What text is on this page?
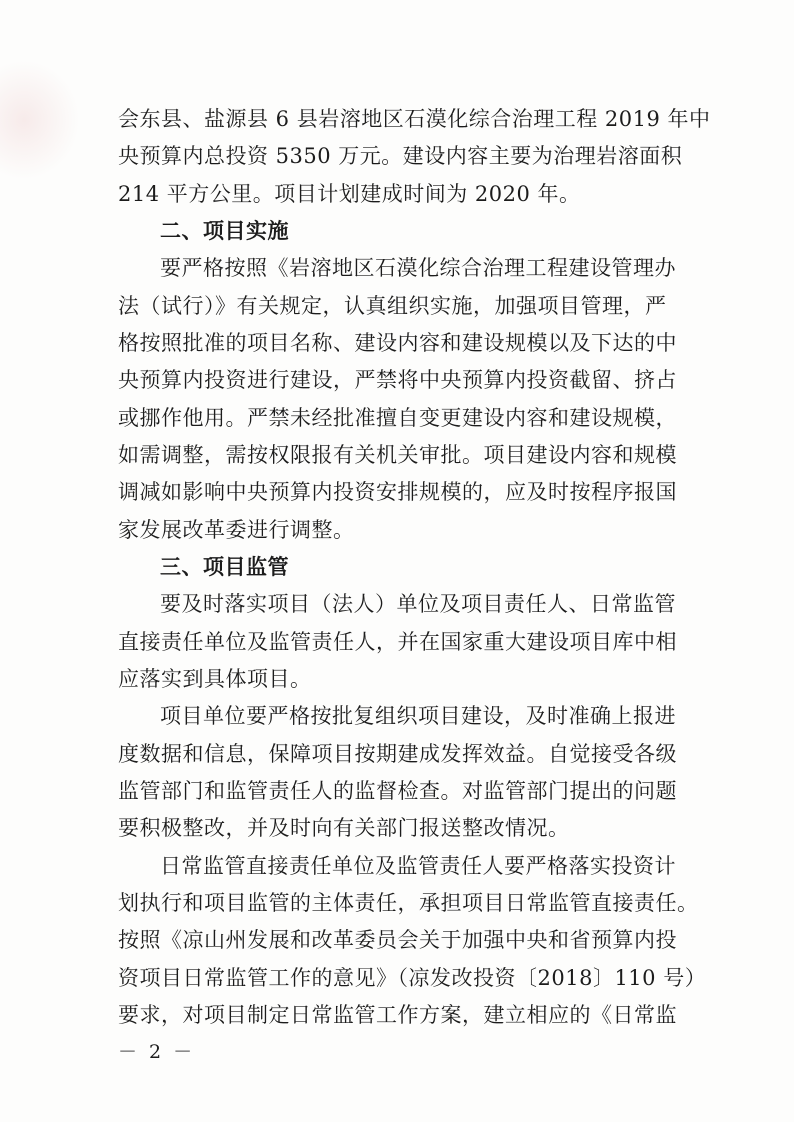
会东县、盐源县 6 县岩溶地区石漠化综合治理工程 2019 年中
央预算内总投资 5350 万元。建设内容主要为治理岩溶面积
214 平方公里。项目计划建成时间为 2020 年。
二、项目实施
要严格按照《岩溶地区石漠化综合治理工程建设管理办
法（试行）》有关规定，认真组织实施，加强项目管理，严
格按照批准的项目名称、建设内容和建设规模以及下达的中
央预算内投资进行建设，严禁将中央预算内投资截留、挤占
或挪作他用。严禁未经批准擅自变更建设内容和建设规模，
如需调整，需按权限报有关机关审批。项目建设内容和规模
调减如影响中央预算内投资安排规模的，应及时按程序报国
家发展改革委进行调整。
三、项目监管
要及时落实项目（法人）单位及项目责任人、日常监管
直接责任单位及监管责任人，并在国家重大建设项目库中相
应落实到具体项目。
项目单位要严格按批复组织项目建设，及时准确上报进
度数据和信息，保障项目按期建成发挥效益。自觉接受各级
监管部门和监管责任人的监督检查。对监管部门提出的问题
要积极整改，并及时向有关部门报送整改情况。
日常监管直接责任单位及监管责任人要严格落实投资计
划执行和项目监管的主体责任，承担项目日常监管直接责任。
按照《凉山州发展和改革委员会关于加强中央和省预算内投
资项目日常监管工作的意见》（凉发改投资〔2018〕110 号）
要求，对项目制定日常监管工作方案，建立相应的《日常监
－ 2 －
